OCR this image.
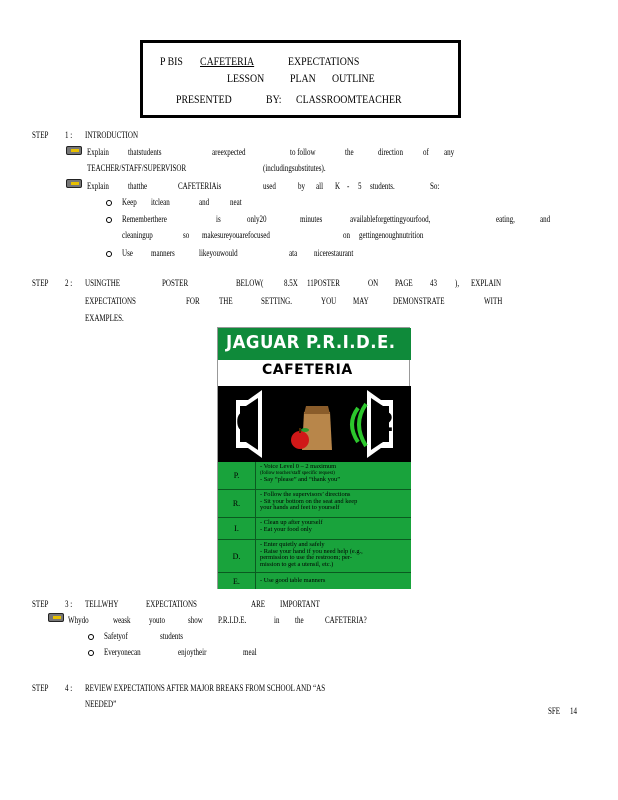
P BIS CAFETERIA	EXPECTATIONS
LESSON PLAN OUTLINE
PRESENTED	BY: CLASSROOMTEACHER
STEP	1 : INTRODUCTION
Explain	thatstudents	areexpected	to follow	the	direction	of any
TEACHER/STAFF/SUPERVISOR	(includingsubstitutes).
Explain	thatthe	CAFETERIAis	used	by all K - 5 students.	So:
Keep	itclean	and	neat
Rememberthere	is	only20	minutes	availableforgettingyourfood,	eating,	and
cleaningup	so makesureyouarefocused	on gettingenoughnutrition
Use	manners	likeyouwould	ata nicerestaurant
STEP	2 : USINGTHE	POSTER	BELOW(	8.5X	11POSTER	ON	PAGE	43 ), EXPLAIN
EXPECTATIONS	FOR	THE	SETTING.	YOU	MAY	DEMONSTRATE	WITH
EXAMPLES.
JAGUAR P.R.I.D.E.
CAFETERIA
0	2
P.
- Voice Level 0 – 2 maximum
(follow teacher/staff specific request)
- Say “please” and “thank you”
R.
- Follow the supervisors’ directions
- Sit your bottom on the seat and keep
your hands and feet to yourself
I.
- Clean up after yourself
- Eat your food only
D.
- Enter quietly and safely
- Raise your hand if you need help (e.g.,
permission to use the restroom; per-
mission to get a utensil, etc.)
E.	- Use good table manners
STEP	3 : TELLWHY	EXPECTATIONS	ARE	IMPORTANT
Whydo	weask	youto	show	P.R.I.D.E.	in the CAFETERIA?
Safetyof	students
Everyonecan	enjoytheir	meal
STEP	4 : REVIEW EXPECTATIONS AFTER MAJOR BREAKS FROM SCHOOL AND “AS
NEEDED”
SFE	14
